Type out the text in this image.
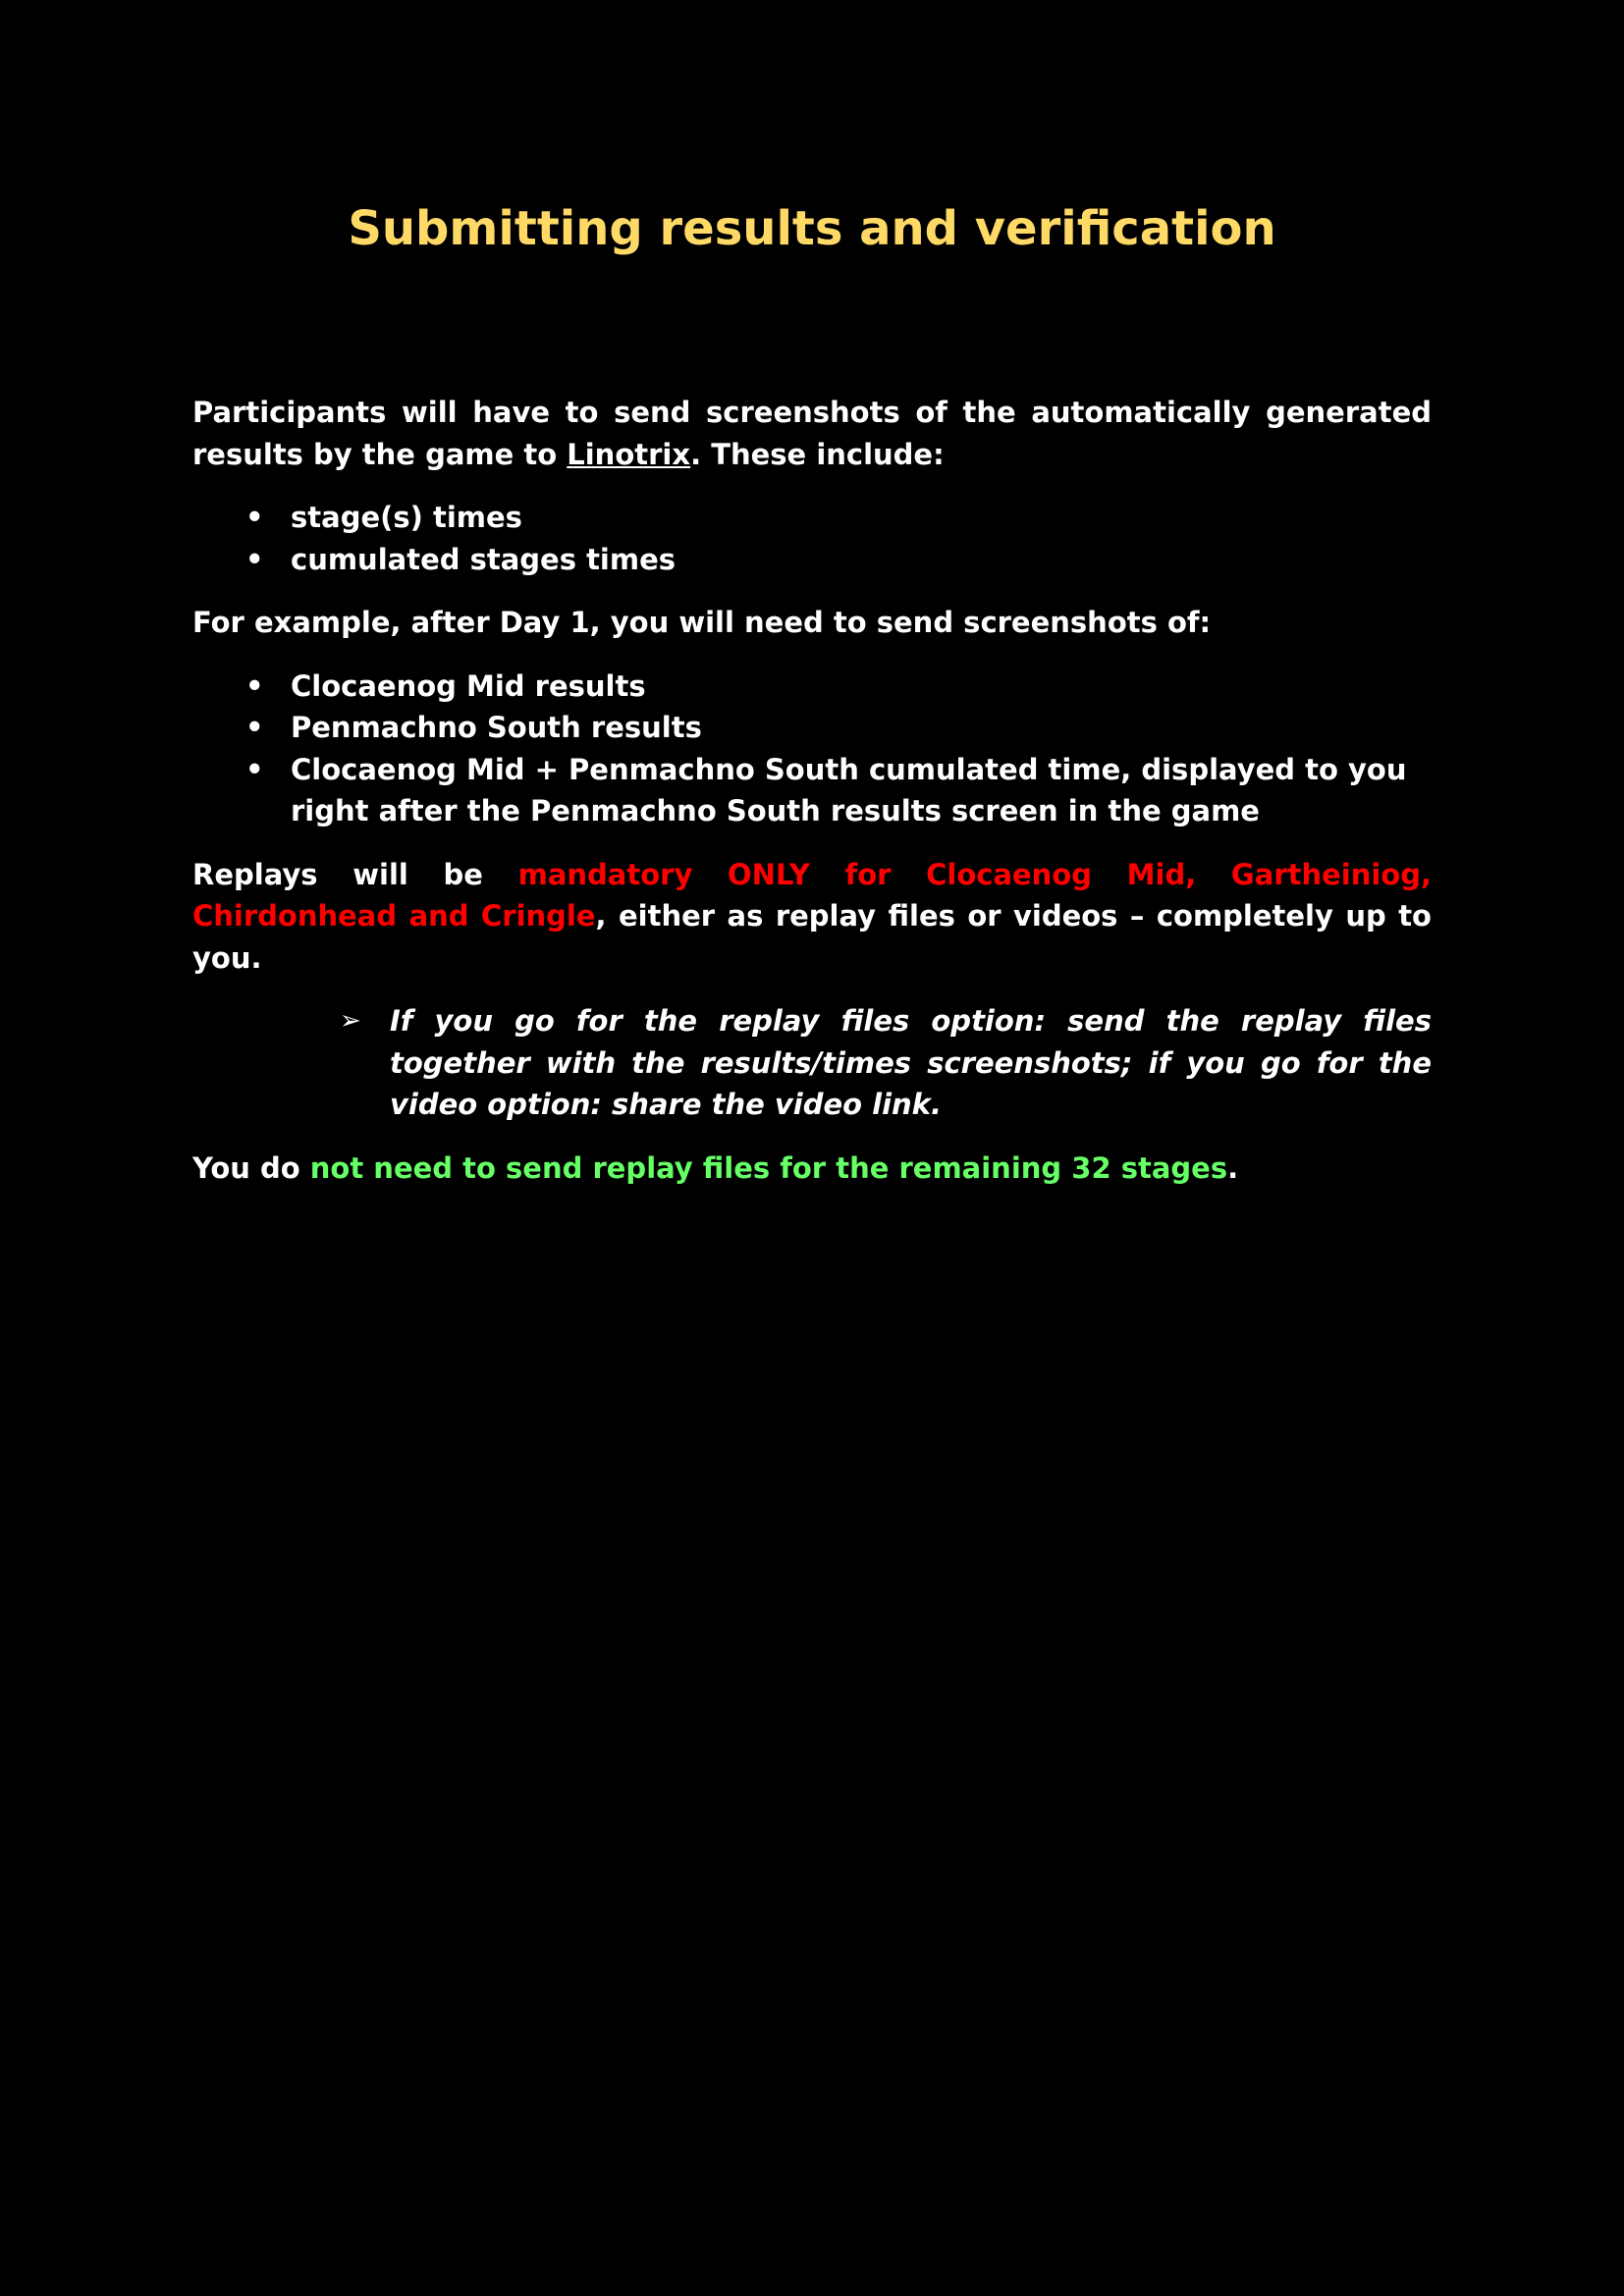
Submitting results and verification

Participants will have to send screenshots of the automatically generated results by the game to Linotrix. These include:

• stage(s) times
• cumulated stages times

For example, after Day 1, you will need to send screenshots of:

• Clocaenog Mid results
• Penmachno South results
• Clocaenog Mid + Penmachno South cumulated time, displayed to you right after the Penmachno South results screen in the game

Replays will be mandatory ONLY for Clocaenog Mid, Gartheiniog, Chirdonhead and Cringle, either as replay files or videos – completely up to you.

➢ If you go for the replay files option: send the replay files together with the results/times screenshots; if you go for the video option: share the video link.

You do not need to send replay files for the remaining 32 stages.
